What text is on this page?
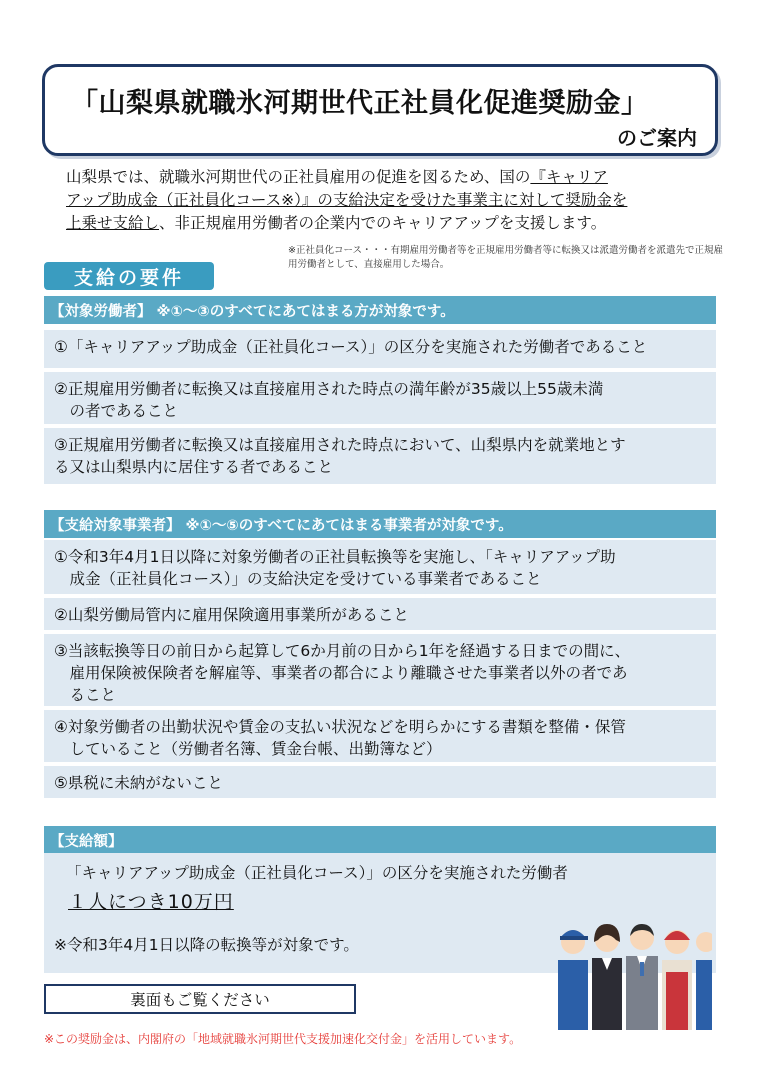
「山梨県就職氷河期世代正社員化促進奨励金」
のご案内
山梨県では、就職氷河期世代の正社員雇用の促進を図るため、国の『キャリア
アップ助成金（正社員化コース※）』の支給決定を受けた事業主に対して奨励金を
上乗せ支給し、非正規雇用労働者の企業内でのキャリアアップを支援します。
※正社員化コース・・・有期雇用労働者等を正規雇用労働者等に転換又は派遣労働者を派遣先で正規雇用労働者として、直接雇用した場合。
支給の要件
【対象労働者】 ※①～③のすべてにあてはまる方が対象です。
①「キャリアアップ助成金（正社員化コース）」の区分を実施された労働者であること
②正規雇用労働者に転換又は直接雇用された時点の満年齢が35歳以上55歳未満
　の者であること
③正規雇用労働者に転換又は直接雇用された時点において、山梨県内を就業地とす
る又は山梨県内に居住する者であること
【支給対象事業者】 ※①～⑤のすべてにあてはまる事業者が対象です。
①令和3年4月1日以降に対象労働者の正社員転換等を実施し、「キャリアアップ助
　成金（正社員化コース）」の支給決定を受けている事業者であること
②山梨労働局管内に雇用保険適用事業所があること
③当該転換等日の前日から起算して6か月前の日から1年を経過する日までの間に、
　雇用保険被保険者を解雇等、事業者の都合により離職させた事業者以外の者であ
　ること
④対象労働者の出勤状況や賃金の支払い状況などを明らかにする書類を整備・保管
　していること（労働者名簿、賃金台帳、出勤簿など）
⑤県税に未納がないこと
【支給額】
「キャリアアップ助成金（正社員化コース）」の区分を実施された労働者
１人につき10万円
※令和3年4月1日以降の転換等が対象です。
裏面もご覧ください
※この奨励金は、内閣府の「地域就職氷河期世代支援加速化交付金」を活用しています。
